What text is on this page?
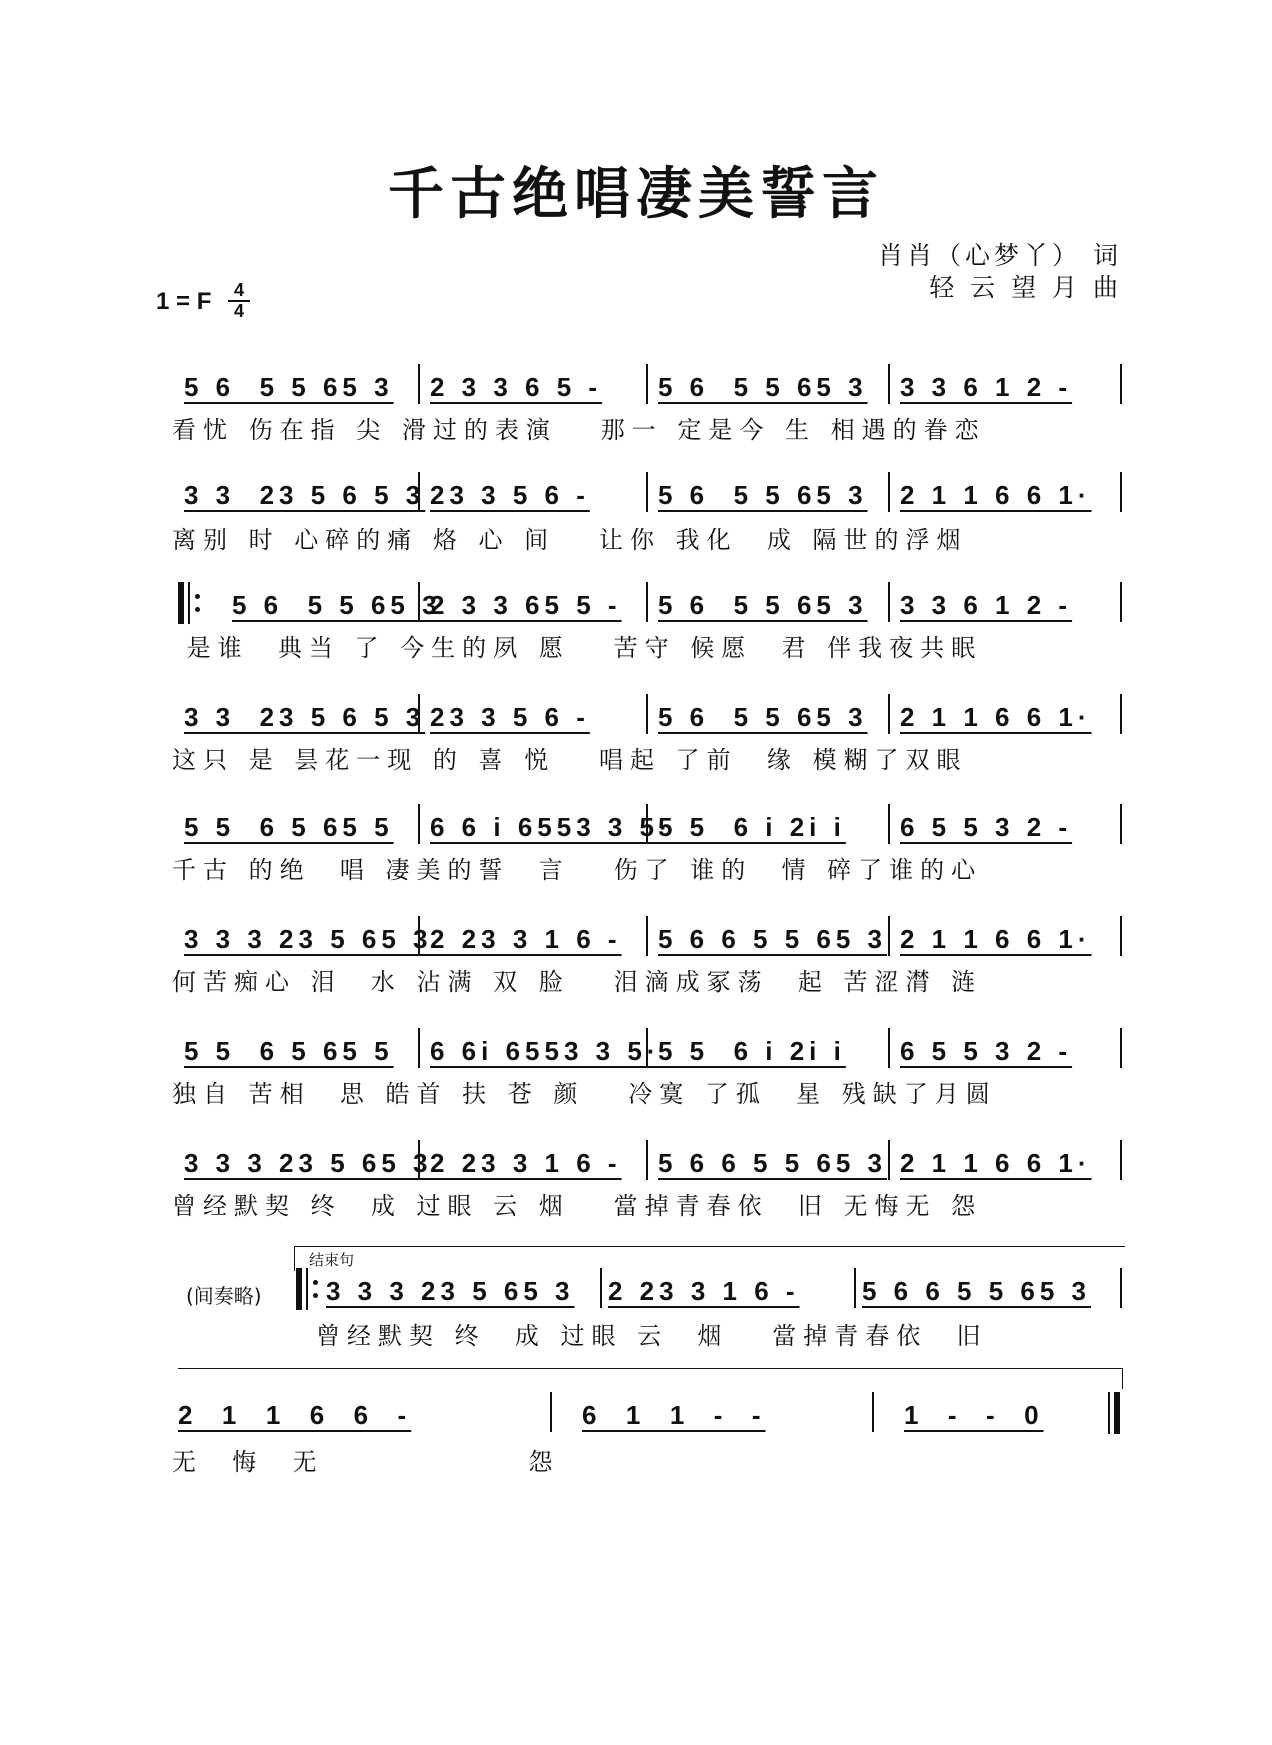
千古绝唱凄美誓言
肖肖（心梦丫） 词
轻 云 望 月 曲
1 = F	4
4
5 6  5 5 65 3	2 3 3 6 5 -	5 6  5 5 65 3	3 3 6 1 2 -
看忧 伤在指 尖 滑过的表演   那一 定是今 生 相遇的眷恋
3 3  23 5 6 5 3 23 3 5 6 -	5 6  5 5 65 3	2 1 1 6 6 1·
离别 时 心碎的痛 烙 心 间   让你 我化  成 隔世的浮烟
5 6  5 5 65 3
2 3 3 65 5 -	5 6  5 5 65 3	3 3 6 1 2 -
是谁  典当 了 今生的夙 愿   苦守 候愿  君 伴我夜共眠
3 3  23 5 6 5 3 23 3 5 6 -	5 6  5 5 65 3	2 1 1 6 6 1·
这只 是 昙花一现 的 喜 悦   唱起 了前  缘 模糊了双眼
5 5  6 5 65 5	6 6 i 6553 3 5·
5 5  6 i 2i i	6 5 5 3 2 -
千古 的绝  唱 凄美的誓  言   伤了 谁的  情 碎了谁的心
3 3 3 23 5 65 3
2 23 3 1 6 -	5 6 6 5 5 65 3 2 1 1 6 6 1·
何苦痴心 泪  水 沾满 双 脸   泪滴成冢荡  起 苦涩潸 涟
5 5  6 5 65 5	6 6i 6553 3 5·
5 5  6 i 2i i	6 5 5 3 2 -
独自 苦相  思 皓首 扶 苍 颜   冷寞 了孤  星 残缺了月圆
3 3 3 23 5 65 3
2 23 3 1 6 -	5 6 6 5 5 65 3 2 1 1 6 6 1·
曾经默契 终  成 过眼 云 烟   當掉青春依  旧 无悔无 怨
3 3 3 23 5 65 3	2 23 3 1 6 -	5 6 6 5 5 65 3
曾经默契 终  成 过眼 云  烟   當掉青春依  旧
2  1  1  6  6  -	6  1  1  -  -	1  -  -  0
无  悔  无              怨
(间奏略)
结束句
